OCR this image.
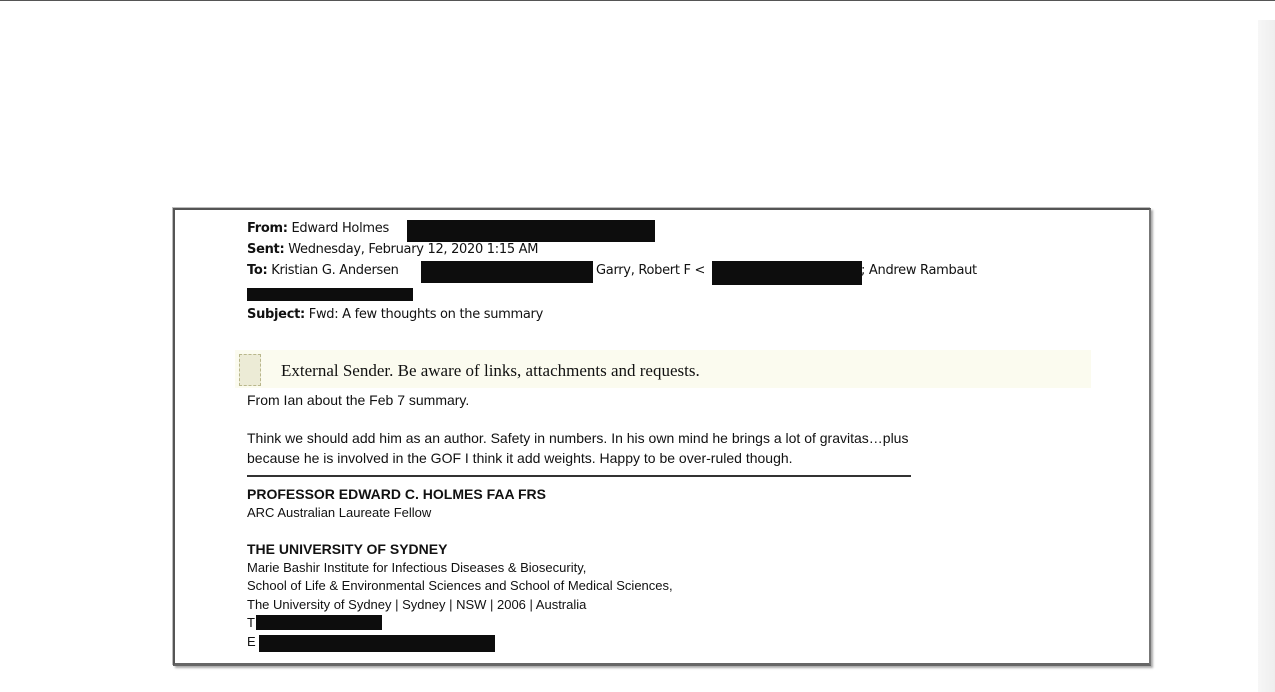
From: Edward Holmes
Sent: Wednesday, February 12, 2020 1:15 AM
To: Kristian G. Andersen	Garry, Robert F <	; Andrew Rambaut
Subject: Fwd: A few thoughts on the summary
External Sender. Be aware of links, attachments and requests.
From Ian about the Feb 7 summary.
Think we should add him as an author. Safety in numbers. In his own mind he brings a lot of gravitas…plus
because he is involved in the GOF I think it add weights. Happy to be over-ruled though.
PROFESSOR EDWARD C. HOLMES FAA FRS
ARC Australian Laureate Fellow
THE UNIVERSITY OF SYDNEY
Marie Bashir Institute for Infectious Diseases & Biosecurity,
School of Life & Environmental Sciences and School of Medical Sciences,
The University of Sydney | Sydney | NSW | 2006 | Australia
T
E
